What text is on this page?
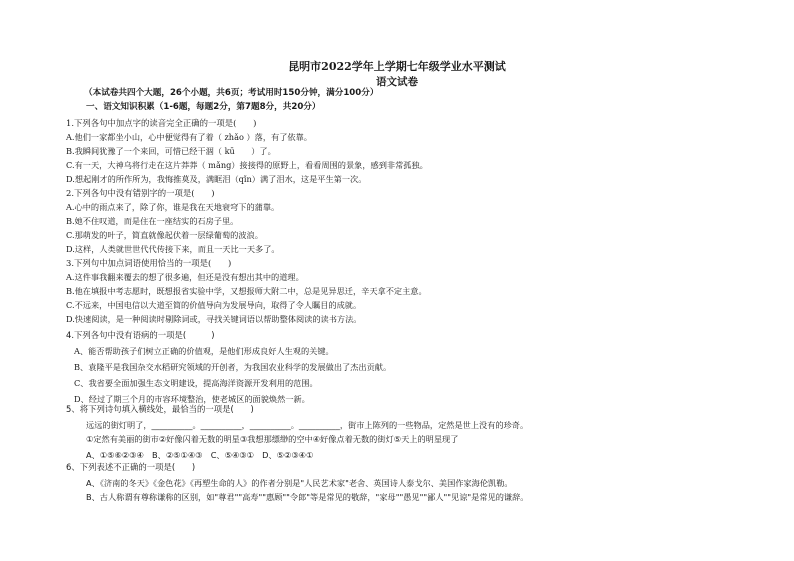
昆明市2022学年上学期七年级学业水平测试
语文试卷
（本试卷共四个大题，26个小题，共6页；考试用时150分钟，满分100分）
一、语文知识积累（1-6题，每题2分，第7题8分，共20分）
1.下列各句中加点字的读音完全正确的一项是(　　)
A.他们一家都坐小山，心中便觉得有了着（ zhǎo ）落，有了依靠。
B.我瞬间犹豫了一个来回，可惜已经干涸（ kū　　）了。
C.有一天，大神乌将行走在这片莽莽（ mǎng）接接得的原野上，看看周围的景象，感到非常孤独。
D.想起刚才的所作所为，我悔推莫及，满眶泪（qǐn）满了泪水，这是平生第一次。
2.下列各句中没有错别字的一项是(　　)
A.心中的雨点来了，除了你，谁是我在天地衰穹下的蒲靠。
B.她不住叹道，而是住在一座结实的石房子里。
C.那萌发的叶子，简直就像起伏着一层绿葡萄的波浪。
D.这样，人类就世世代代传接下来，而且一天比一天多了。
3.下列句中加点词语使用恰当的一项是(　　)
A.这件事我翻来覆去的想了很多遍，但还是没有想出其中的道理。
B.他在填报中考志愿时，既想报省实验中学，又想报师大附二中，总是见异思迁，辛天拿不定主意。
C.不远来，中国电信以大道至简的价值导向为发展导向，取得了令人瞩目的成就。
D.快速阅读，是一种阅读时剔除词或，寻找关键词语以帮助整体阅读的读书方法。
4.下列各句中没有语病的一项是(　　　)
A、能否帮助孩子们树立正确的价值观，是他们形成良好人生观的关键。
B、袁隆平是我国杂交水稻研究领域的开创者，为我国农业科学的发展做出了杰出贡献。
C、我省要全面加强生态文明建设，提高海洋资源开发利用的范围。
D、经过了期三个月的市容环境整治，使老城区的面貌焕然一新。
5、将下列诗句填入横线处，最恰当的一项是(　　)
远远的街灯明了，__________。__________，__________。__________，街市上陈列的一些物品，定然是世上没有的珍奇。
①定然有美丽的街市②好像闪着无数的明星③我想那缥缈的空中④好像点着无数的街灯⑤天上的明星现了
A、①⑤⑥②③④　B、②⑤①④③　C、⑤④③①　D、⑤②③④①
6、下列表述不正确的一项是(　　)
A、《济南的冬天》《金色花》《再塑生命的人》的作者分别是"人民艺术家"老舍、英国诗人泰戈尔、美国作家海伦凯勒。
B、古人称谓有尊称谦称的区别，如"尊君""高寿""惠顾""令郎"等是常见的敬辞，"家母""愚见""鄙人""见谅"是常见的谦辞。
